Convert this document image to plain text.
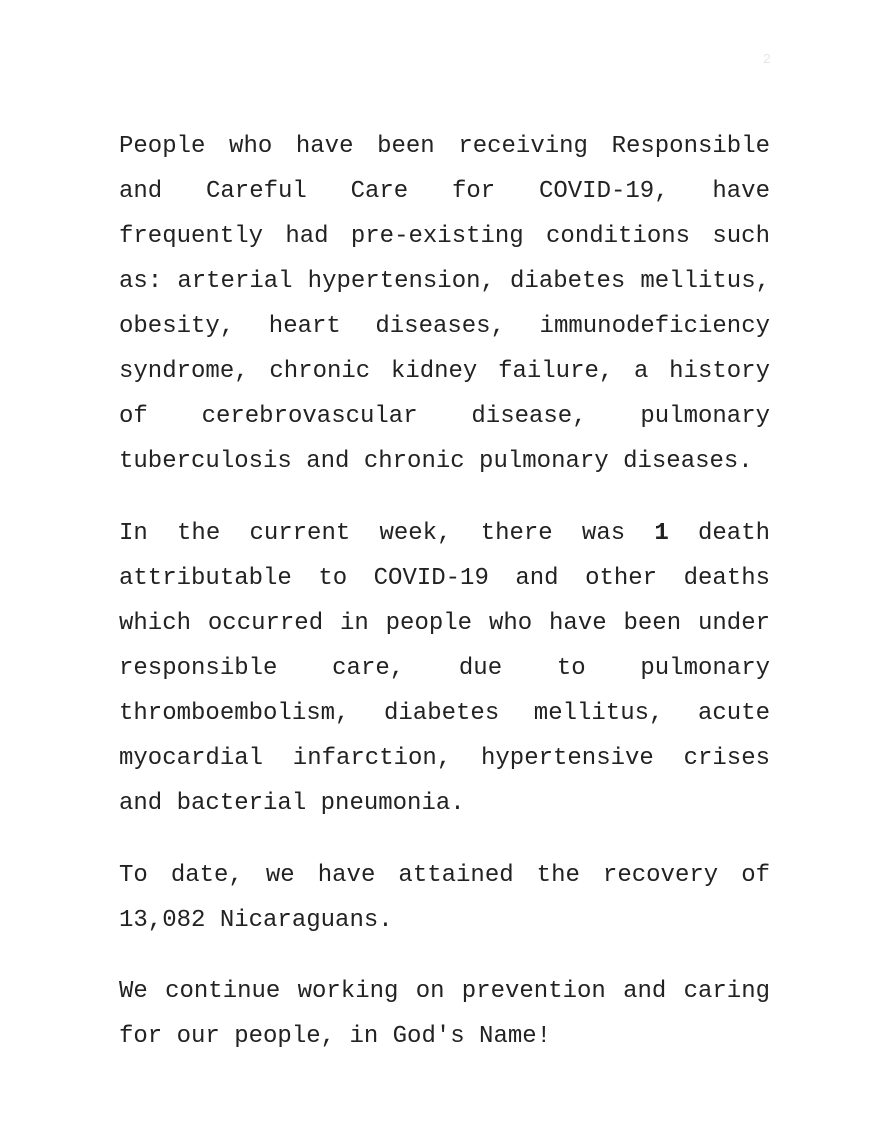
2

People who have been receiving Responsible and Careful Care for COVID-19, have frequently had pre-existing conditions such as: arterial hypertension, diabetes mellitus, obesity, heart diseases, immunodeficiency syndrome, chronic kidney failure, a history of cerebrovascular disease, pulmonary tuberculosis and chronic pulmonary diseases.

In the current week, there was 1 death attributable to COVID-19 and other deaths which occurred in people who have been under responsible care, due to pulmonary thromboembolism, diabetes mellitus, acute myocardial infarction, hypertensive crises and bacterial pneumonia.

To date, we have attained the recovery of 13,082 Nicaraguans.

We continue working on prevention and caring for our people, in God's Name!
